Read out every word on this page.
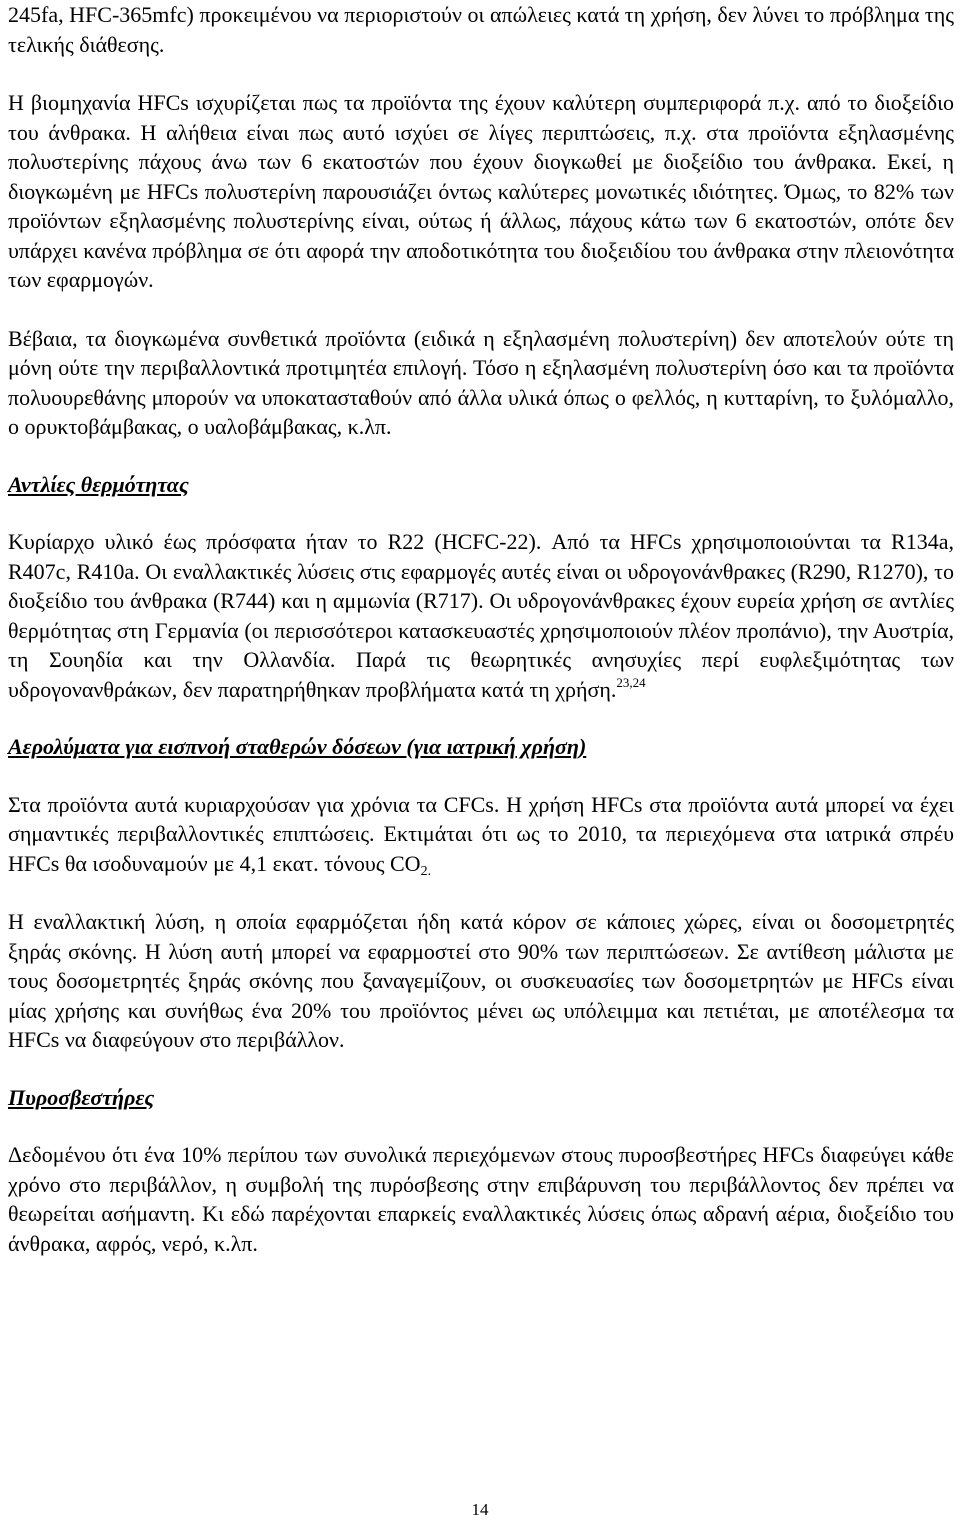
245fa, HFC-365mfc) προκειμένου να περιοριστούν οι απώλειες κατά τη χρήση, δεν λύνει το πρόβλημα της τελικής διάθεσης.

Η βιομηχανία HFCs ισχυρίζεται πως τα προϊόντα της έχουν καλύτερη συμπεριφορά π.χ. από το διοξείδιο του άνθρακα. Η αλήθεια είναι πως αυτό ισχύει σε λίγες περιπτώσεις, π.χ. στα προϊόντα εξηλασμένης πολυστερίνης πάχους άνω των 6 εκατοστών που έχουν διογκωθεί με διοξείδιο του άνθρακα. Εκεί, η διογκωμένη με HFCs πολυστερίνη παρουσιάζει όντως καλύτερες μονωτικές ιδιότητες. Όμως, το 82% των προϊόντων εξηλασμένης πολυστερίνης είναι, ούτως ή άλλως, πάχους κάτω των 6 εκατοστών, οπότε δεν υπάρχει κανένα πρόβλημα σε ότι αφορά την αποδοτικότητα του διοξειδίου του άνθρακα στην πλειονότητα των εφαρμογών.

Βέβαια, τα διογκωμένα συνθετικά προϊόντα (ειδικά η εξηλασμένη πολυστερίνη) δεν αποτελούν ούτε τη μόνη ούτε την περιβαλλοντικά προτιμητέα επιλογή. Τόσο η εξηλασμένη πολυστερίνη όσο και τα προϊόντα πολυουρεθάνης μπορούν να υποκατασταθούν από άλλα υλικά όπως ο φελλός, η κυτταρίνη, το ξυλόμαλλο, ο ορυκτοβάμβακας, ο υαλοβάμβακας, κ.λπ.

Αντλίες θερμότητας

Κυρίαρχο υλικό έως πρόσφατα ήταν το R22 (HCFC-22). Από τα HFCs χρησιμοποιούνται τα R134a, R407c, R410a. Οι εναλλακτικές λύσεις στις εφαρμογές αυτές είναι οι υδρογονάνθρακες (R290, R1270), το διοξείδιο του άνθρακα (R744) και η αμμωνία (R717). Οι υδρογονάνθρακες έχουν ευρεία χρήση σε αντλίες θερμότητας στη Γερμανία (οι περισσότεροι κατασκευαστές χρησιμοποιούν πλέον προπάνιο), την Αυστρία, τη Σουηδία και την Ολλανδία. Παρά τις θεωρητικές ανησυχίες περί ευφλεξιμότητας των υδρογονανθράκων, δεν παρατηρήθηκαν προβλήματα κατά τη χρήση.$^{23,24}$

Αερολύματα για εισπνοή σταθερών δόσεων (για ιατρική χρήση)

Στα προϊόντα αυτά κυριαρχούσαν για χρόνια τα CFCs. Η χρήση HFCs στα προϊόντα αυτά μπορεί να έχει σημαντικές περιβαλλοντικές επιπτώσεις. Εκτιμάται ότι ως το 2010, τα περιεχόμενα στα ιατρικά σπρέυ HFCs θα ισοδυναμούν με 4,1 εκατ. τόνους $CO_{2.}$

Η εναλλακτική λύση, η οποία εφαρμόζεται ήδη κατά κόρον σε κάποιες χώρες, είναι οι δοσομετρητές ξηράς σκόνης. Η λύση αυτή μπορεί να εφαρμοστεί στο 90% των περιπτώσεων. Σε αντίθεση μάλιστα με τους δοσομετρητές ξηράς σκόνης που ξαναγεμίζουν, οι συσκευασίες των δοσομετρητών με HFCs είναι μίας χρήσης και συνήθως ένα 20% του προϊόντος μένει ως υπόλειμμα και πετιέται, με αποτέλεσμα τα HFCs να διαφεύγουν στο περιβάλλον.

Πυροσβεστήρες

Δεδομένου ότι ένα 10% περίπου των συνολικά περιεχόμενων στους πυροσβεστήρες HFCs διαφεύγει κάθε χρόνο στο περιβάλλον, η συμβολή της πυρόσβεσης στην επιβάρυνση του περιβάλλοντος δεν πρέπει να θεωρείται ασήμαντη. Κι εδώ παρέχονται επαρκείς εναλλακτικές λύσεις όπως αδρανή αέρια, διοξείδιο του άνθρακα, αφρός, νερό, κ.λπ.

14
